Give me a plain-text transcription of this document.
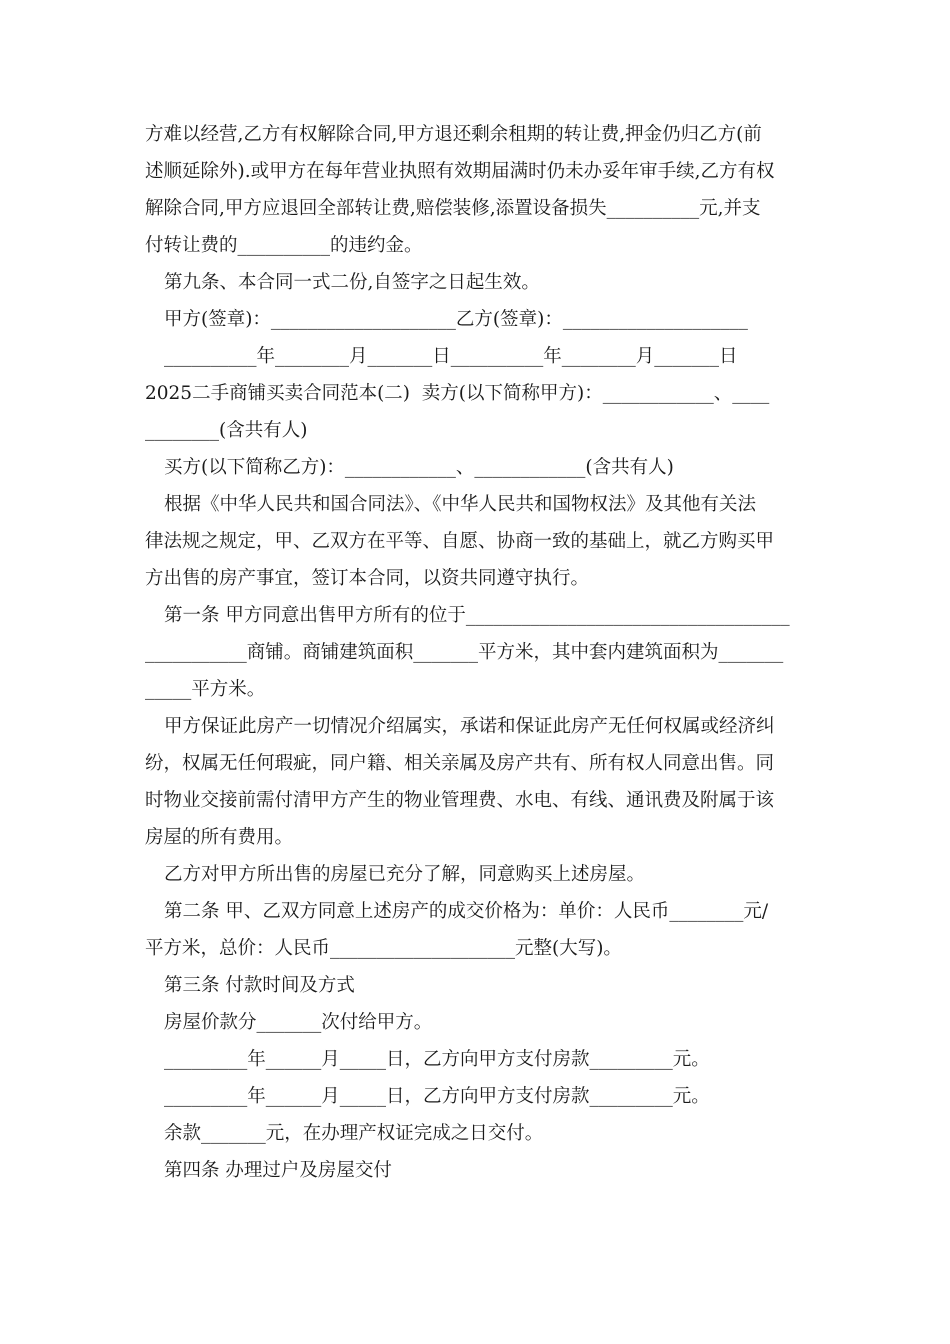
方难以经营,乙方有权解除合同,甲方退还剩余租期的转让费,押金仍归乙方(前
述顺延除外).或甲方在每年营业执照有效期届满时仍未办妥年审手续,乙方有权
解除合同,甲方应退回全部转让费,赔偿装修,添置设备损失__________元,并支
付转让费的__________的违约金。
第九条、本合同一式二份,自签字之日起生效。
甲方(签章)：____________________乙方(签章)：____________________
__________年________月_______日__________年________月_______日
2025二手商铺买卖合同范本(二)  卖方(以下简称甲方)：____________、____
________(含共有人)
买方(以下简称乙方)：____________、____________(含共有人)
根据《中华人民共和国合同法》、《中华人民共和国物权法》及其他有关法
律法规之规定，甲、乙双方在平等、自愿、协商一致的基础上，就乙方购买甲
方出售的房产事宜，签订本合同，以资共同遵守执行。
第一条 甲方同意出售甲方所有的位于___________________________________
___________商铺。商铺建筑面积_______平方米，其中套内建筑面积为_______
_____平方米。
甲方保证此房产一切情况介绍属实，承诺和保证此房产无任何权属或经济纠
纷，权属无任何瑕疵，同户籍、相关亲属及房产共有、所有权人同意出售。同
时物业交接前需付清甲方产生的物业管理费、水电、有线、通讯费及附属于该
房屋的所有费用。
乙方对甲方所出售的房屋已充分了解，同意购买上述房屋。
第二条 甲、乙双方同意上述房产的成交价格为：单价：人民币________元/
平方米，总价：人民币____________________元整(大写)。
第三条 付款时间及方式
房屋价款分_______次付给甲方。
_________年______月_____日，乙方向甲方支付房款_________元。
_________年______月_____日，乙方向甲方支付房款_________元。
余款_______元，在办理产权证完成之日交付。
第四条 办理过户及房屋交付
